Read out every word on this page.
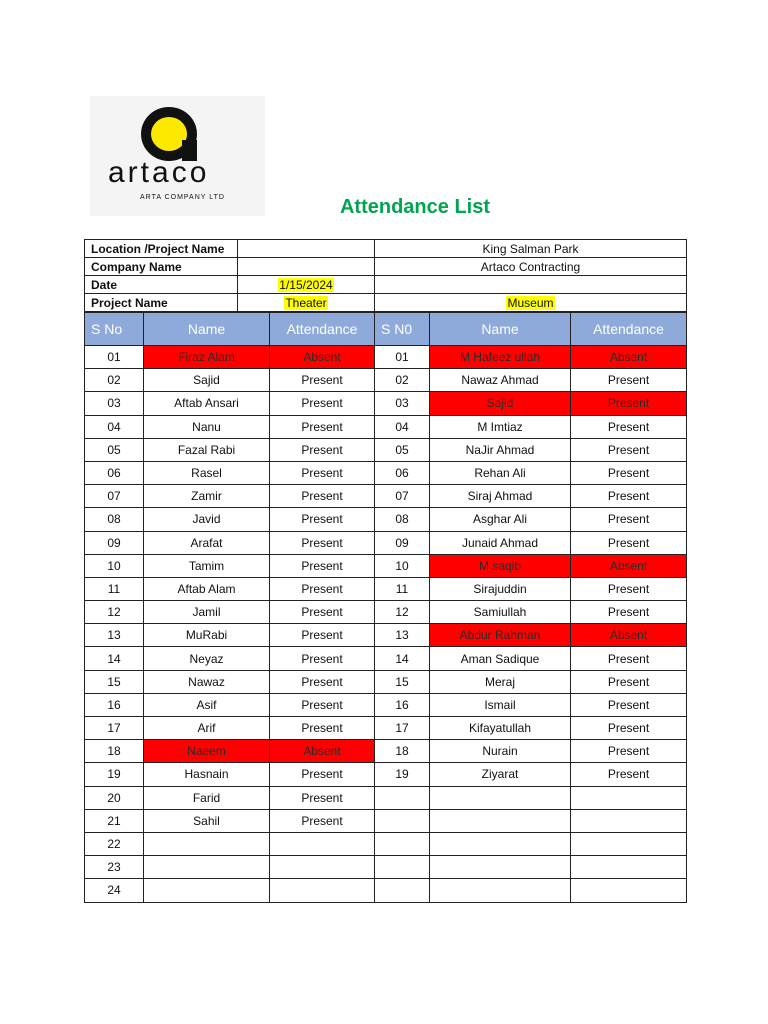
artaco
ARTA COMPANY LTD	Attendance List
Location /Project Name		King Salman Park
Company Name		Artaco Contracting
Date	1/15/2024	
Project Name	Theater	Museum
S No	Name	Attendance	S N0	Name	Attendance
01	Firaz Alam	Absent	01	M Hafeez ullah	Absent
02	Sajid	Present	02	Nawaz Ahmad	Present
03	Aftab Ansari	Present	03	Sajid	Present
04	Nanu	Present	04	M Imtiaz	Present
05	Fazal Rabi	Present	05	NaJir Ahmad	Present
06	Rasel	Present	06	Rehan Ali	Present
07	Zamir	Present	07	Siraj Ahmad	Present
08	Javid	Present	08	Asghar Ali	Present
09	Arafat	Present	09	Junaid Ahmad	Present
10	Tamim	Present	10	M saqib	Absent
11	Aftab Alam	Present	11	Sirajuddin	Present
12	Jamil	Present	12	Samiullah	Present
13	MuRabi	Present	13	Abdur Rahman	Absent
14	Neyaz	Present	14	Aman Sadique	Present
15	Nawaz	Present	15	Meraj	Present
16	Asif	Present	16	Ismail	Present
17	Arif	Present	17	Kifayatullah	Present
18	Naeem	Absent	18	Nurain	Present
19	Hasnain	Present	19	Ziyarat	Present
20	Farid	Present			
21	Sahil	Present			
22					
23					
24					
